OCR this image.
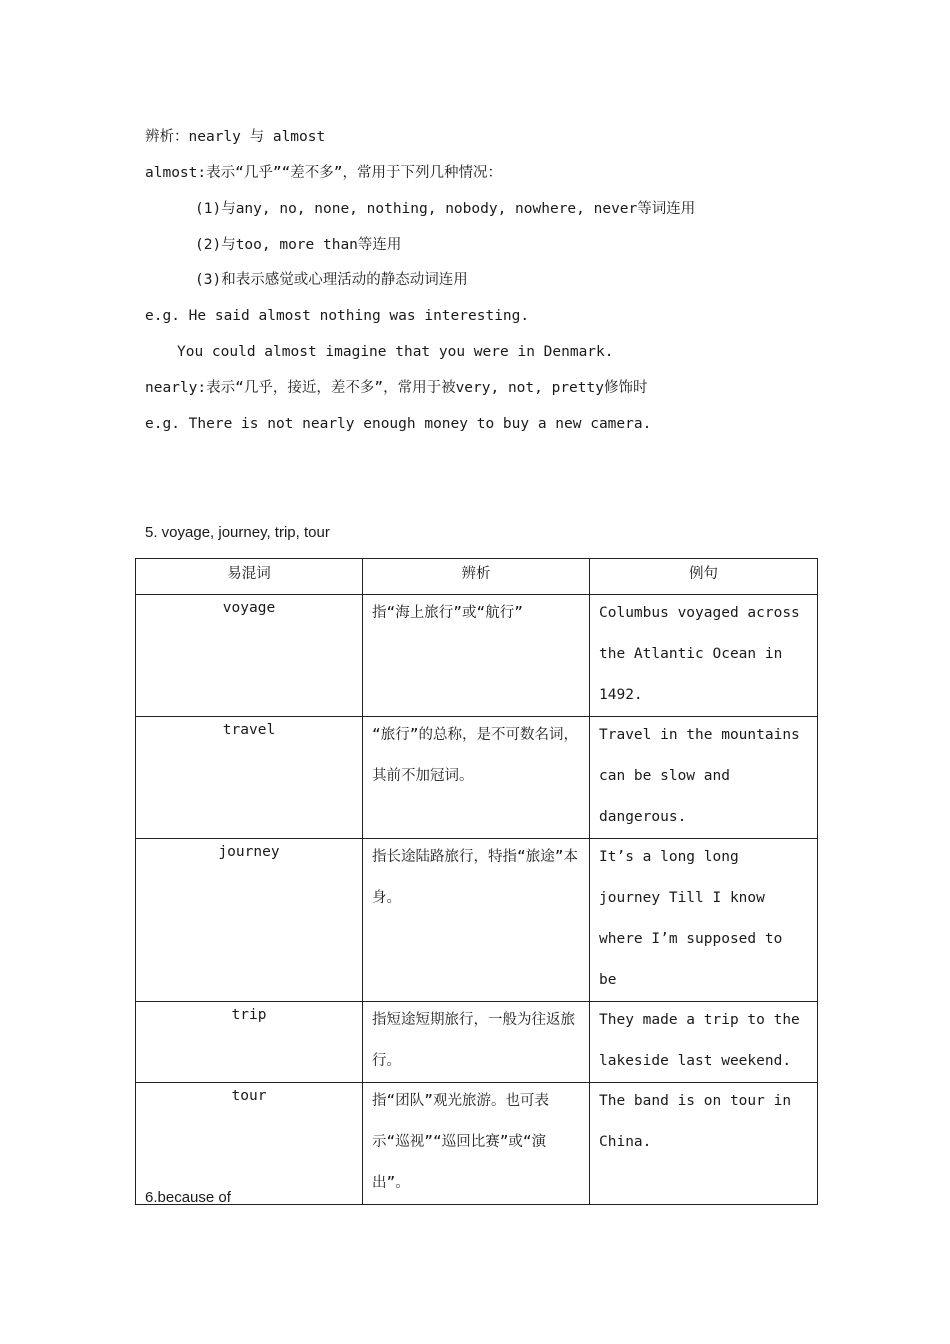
辨析：nearly 与 almost
almost:表示“几乎”“差不多”，常用于下列几种情况：
(1)与any, no, none, nothing, nobody, nowhere, never等词连用
(2)与too, more than等连用
(3)和表示感觉或心理活动的静态动词连用
e.g. He said almost nothing was interesting.
You could almost imagine that you were in Denmark.
nearly:表示“几乎，接近，差不多”，常用于被very, not, pretty修饰时
e.g. There is not nearly enough money to buy a new camera.
5. voyage, journey, trip, tour
易混词	辨析	例句
voyage	指“海上旅行”或“航行”	Columbus voyaged across the Atlantic Ocean in 1492.

travel	“旅行”的总称，是不可数名词，其前不加冠词。	Travel in the mountains can be slow and dangerous.

journey	指长途陆路旅行，特指“旅途”本身。	It’s a long long journey Till I know where I’m supposed to be

trip	指短途短期旅行，一般为往返旅行。	They made a trip to the lakeside last weekend.

tour	指“团队”观光旅游。也可表示“巡视”“巡回比赛”或“演出”。	The band is on tour in China.
6.because of
